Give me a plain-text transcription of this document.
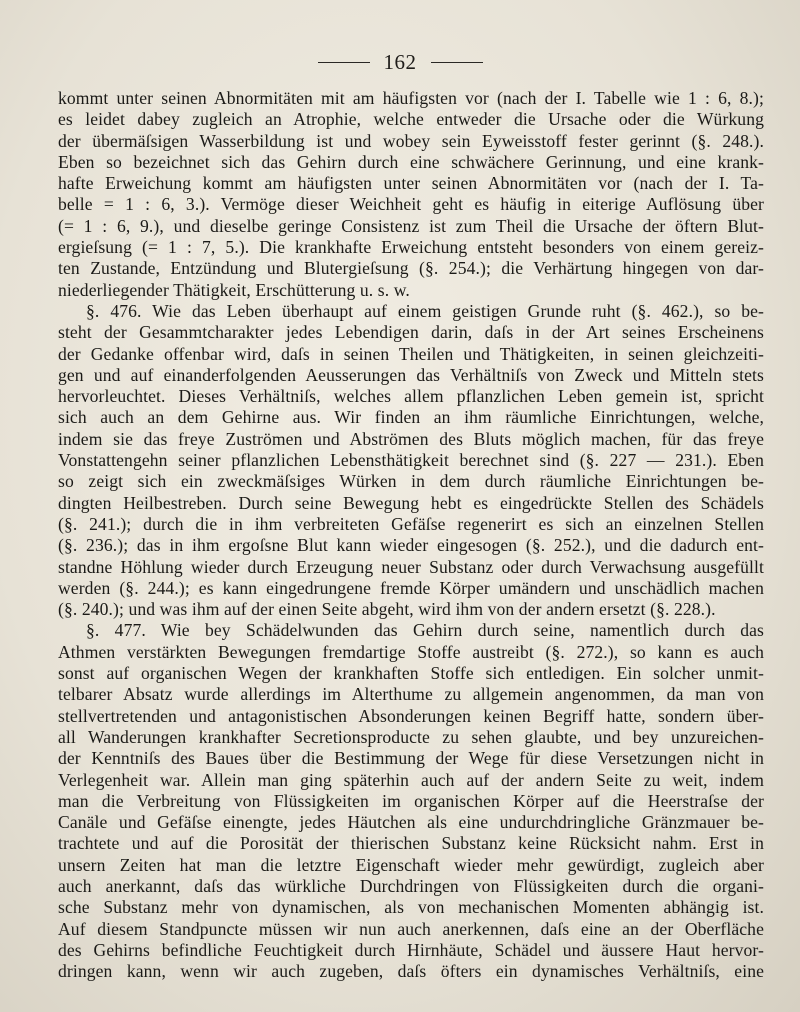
162
kommt unter seinen Abnormitäten mit am häufigsten vor (nach der I. Tabelle wie 1 : 6, 8.);
es leidet dabey zugleich an Atrophie, welche entweder die Ursache oder die Würkung
der übermäſsigen Wasserbildung ist und wobey sein Eyweisstoff fester gerinnt (§. 248.).
Eben so bezeichnet sich das Gehirn durch eine schwächere Gerinnung, und eine krank-
hafte Erweichung kommt am häufigsten unter seinen Abnormitäten vor (nach der I. Ta-
belle = 1 : 6, 3.). Vermöge dieser Weichheit geht es häufig in eiterige Auflösung über
(= 1 : 6, 9.), und dieselbe geringe Consistenz ist zum Theil die Ursache der öftern Blut-
ergieſsung (= 1 : 7, 5.). Die krankhafte Erweichung entsteht besonders von einem gereiz-
ten Zustande, Entzündung und Blutergieſsung (§. 254.); die Verhärtung hingegen von dar-
niederliegender Thätigkeit, Erschütterung u. s. w.
§. 476. Wie das Leben überhaupt auf einem geistigen Grunde ruht (§. 462.), so be-
steht der Gesammtcharakter jedes Lebendigen darin, daſs in der Art seines Erscheinens
der Gedanke offenbar wird, daſs in seinen Theilen und Thätigkeiten, in seinen gleichzeiti-
gen und auf einanderfolgenden Aeusserungen das Verhältniſs von Zweck und Mitteln stets
hervorleuchtet. Dieses Verhältniſs, welches allem pflanzlichen Leben gemein ist, spricht
sich auch an dem Gehirne aus. Wir finden an ihm räumliche Einrichtungen, welche,
indem sie das freye Zuströmen und Abströmen des Bluts möglich machen, für das freye
Vonstattengehn seiner pflanzlichen Lebensthätigkeit berechnet sind (§. 227 — 231.). Eben
so zeigt sich ein zweckmäſsiges Würken in dem durch räumliche Einrichtungen be-
dingten Heilbestreben. Durch seine Bewegung hebt es eingedrückte Stellen des Schädels
(§. 241.); durch die in ihm verbreiteten Gefäſse regenerirt es sich an einzelnen Stellen
(§. 236.); das in ihm ergoſsne Blut kann wieder eingesogen (§. 252.), und die dadurch ent-
standne Höhlung wieder durch Erzeugung neuer Substanz oder durch Verwachsung ausgefüllt
werden (§. 244.); es kann eingedrungene fremde Körper umändern und unschädlich machen
(§. 240.); und was ihm auf der einen Seite abgeht, wird ihm von der andern ersetzt (§. 228.).
§. 477. Wie bey Schädelwunden das Gehirn durch seine, namentlich durch das
Athmen verstärkten Bewegungen fremdartige Stoffe austreibt (§. 272.), so kann es auch
sonst auf organischen Wegen der krankhaften Stoffe sich entledigen. Ein solcher unmit-
telbarer Absatz wurde allerdings im Alterthume zu allgemein angenommen, da man von
stellvertretenden und antagonistischen Absonderungen keinen Begriff hatte, sondern über-
all Wanderungen krankhafter Secretionsproducte zu sehen glaubte, und bey unzureichen-
der Kenntniſs des Baues über die Bestimmung der Wege für diese Versetzungen nicht in
Verlegenheit war. Allein man ging späterhin auch auf der andern Seite zu weit, indem
man die Verbreitung von Flüssigkeiten im organischen Körper auf die Heerstraſse der
Canäle und Gefäſse einengte, jedes Häutchen als eine undurchdringliche Gränzmauer be-
trachtete und auf die Porosität der thierischen Substanz keine Rücksicht nahm. Erst in
unsern Zeiten hat man die letztre Eigenschaft wieder mehr gewürdigt, zugleich aber
auch anerkannt, daſs das würkliche Durchdringen von Flüssigkeiten durch die organi-
sche Substanz mehr von dynamischen, als von mechanischen Momenten abhängig ist.
Auf diesem Standpuncte müssen wir nun auch anerkennen, daſs eine an der Oberfläche
des Gehirns befindliche Feuchtigkeit durch Hirnhäute, Schädel und äussere Haut hervor-
dringen kann, wenn wir auch zugeben, daſs öfters ein dynamisches Verhältniſs, eine
